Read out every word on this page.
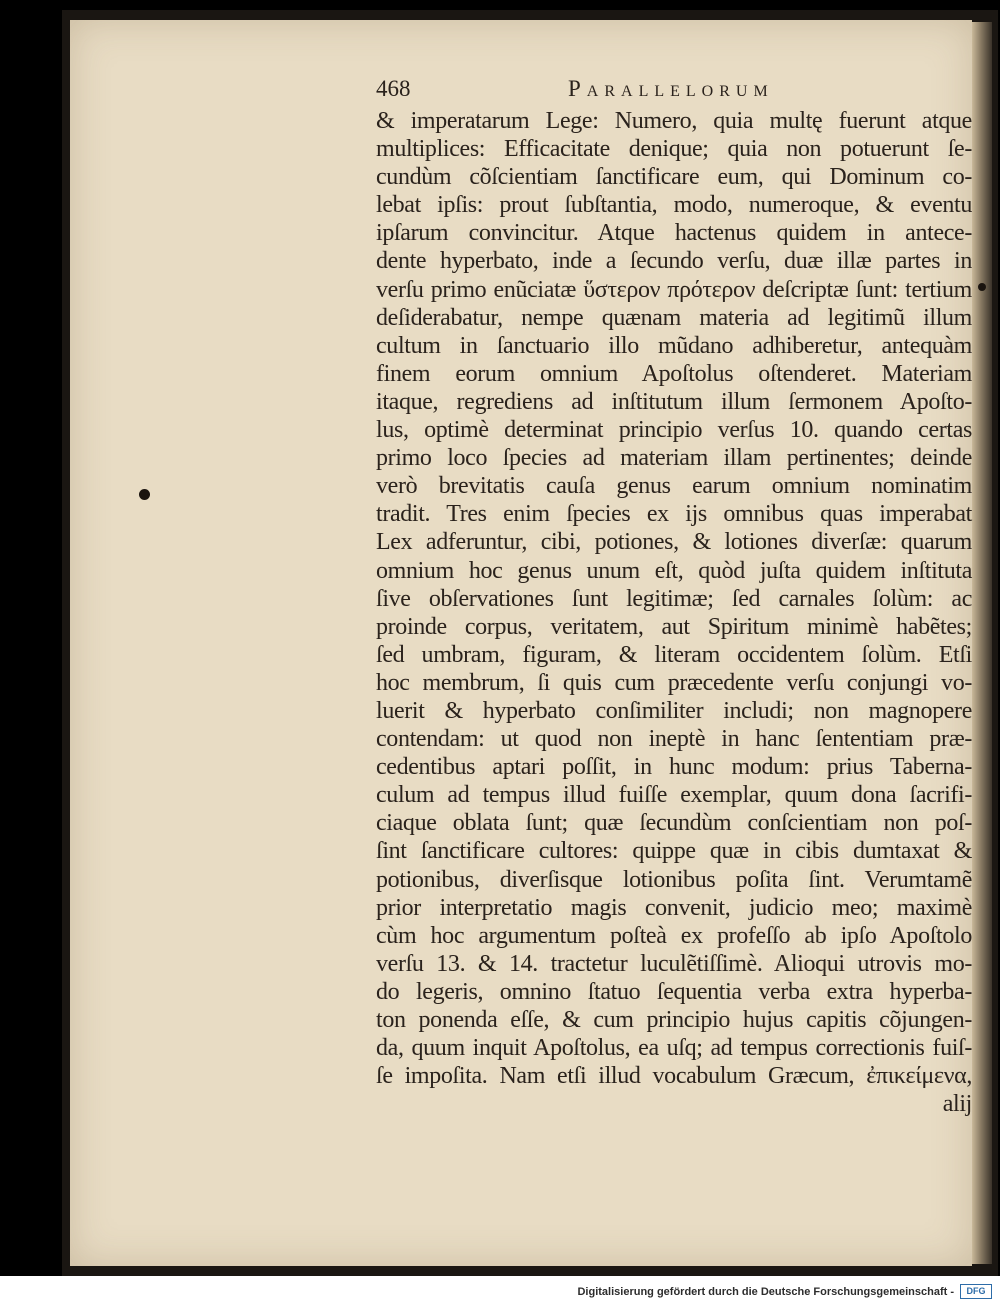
468	Parallelorum
& imperatarum Lege: Numero, quia multę fuerunt atque
multiplices: Efficacitate denique; quia non potuerunt ſe-
cundùm cõſcientiam ſanctificare eum, qui Dominum co-
lebat ipſis: prout ſubſtantia, modo, numeroque, & eventu
ipſarum convincitur. Atque hactenus quidem in antece-
dente hyperbato, inde a ſecundo verſu, duæ illæ partes in
verſu primo enũciatæ ὕστερον πρότερον deſcriptæ ſunt: tertium
deſiderabatur, nempe quænam materia ad legitimũ illum
cultum in ſanctuario illo mũdano adhiberetur, antequàm
finem eorum omnium Apoſtolus oſtenderet. Materiam
itaque, regrediens ad inſtitutum illum ſermonem Apoſto-
lus, optimè determinat principio verſus 10. quando certas
primo loco ſpecies ad materiam illam pertinentes; deinde
verò brevitatis cauſa genus earum omnium nominatim
tradit. Tres enim ſpecies ex ijs omnibus quas imperabat
Lex adferuntur, cibi, potiones, & lotiones diverſæ: quarum
omnium hoc genus unum eſt, quòd juſta quidem inſtituta
ſive obſervationes ſunt legitimæ; ſed carnales ſolùm: ac
proinde corpus, veritatem, aut Spiritum minimè habẽtes;
ſed umbram, figuram, & literam occidentem ſolùm. Etſi
hoc membrum, ſi quis cum præcedente verſu conjungi vo-
luerit & hyperbato conſimiliter includi; non magnopere
contendam: ut quod non ineptè in hanc ſententiam præ-
cedentibus aptari poſſit, in hunc modum: prius Taberna-
culum ad tempus illud fuiſſe exemplar, quum dona ſacrifi-
ciaque oblata ſunt; quæ ſecundùm conſcientiam non poſ-
ſint ſanctificare cultores: quippe quæ in cibis dumtaxat &
potionibus, diverſisque lotionibus poſita ſint. Verumtamẽ
prior interpretatio magis convenit, judicio meo; maximè
cùm hoc argumentum poſteà ex profeſſo ab ipſo Apoſtolo
verſu 13. & 14. tractetur luculẽtiſſimè. Alioqui utrovis mo-
do legeris, omnino ſtatuo ſequentia verba extra hyperba-
ton ponenda eſſe, & cum principio hujus capitis cõjungen-
da, quum inquit Apoſtolus, ea uſq; ad tempus correctionis fuiſ-
ſe impoſita. Nam etſi illud vocabulum Græcum, ἐπικείμενα,
alij
Digitalisierung gefördert durch die Deutsche Forschungsgemeinschaft -	DFG
